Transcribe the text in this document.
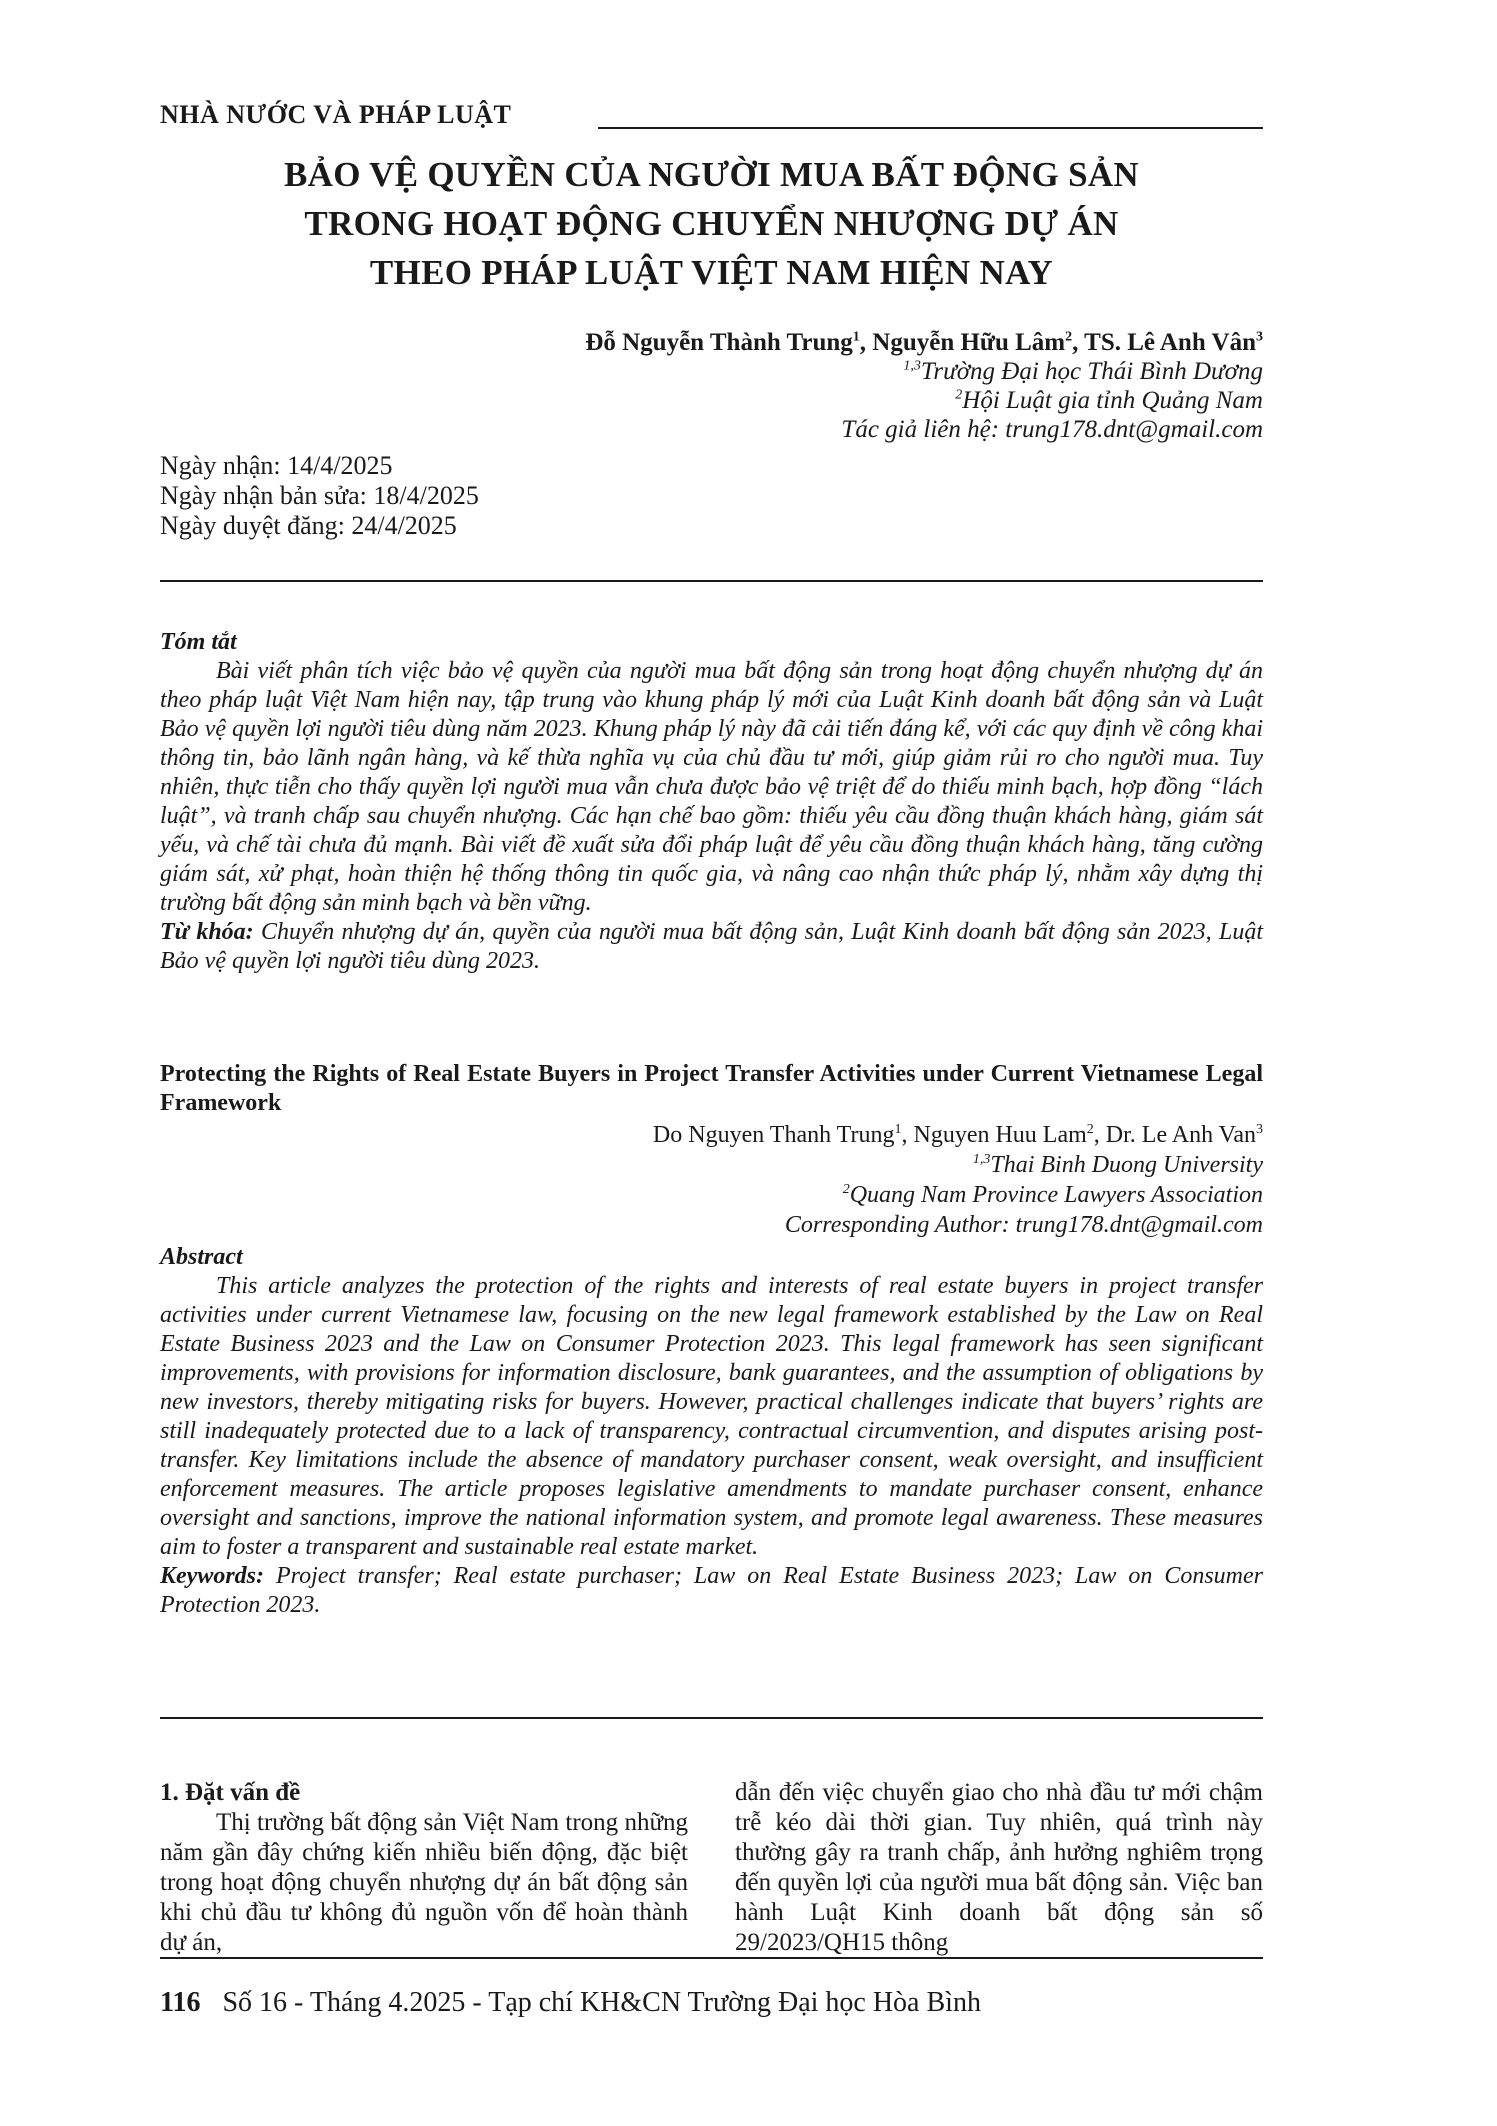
NHÀ NƯỚC VÀ PHÁP LUẬT
BẢO VỆ QUYỀN CỦA NGƯỜI MUA BẤT ĐỘNG SẢN
TRONG HOẠT ĐỘNG CHUYỂN NHƯỢNG DỰ ÁN
THEO PHÁP LUẬT VIỆT NAM HIỆN NAY
Đỗ Nguyễn Thành Trung$^1$, Nguyễn Hữu Lâm$^2$, TS. Lê Anh Vân$^3$
$^{1,3}$Trường Đại học Thái Bình Dương
$^2$Hội Luật gia tỉnh Quảng Nam
Tác giả liên hệ: trung178.dnt@gmail.com
Ngày nhận: 14/4/2025
Ngày nhận bản sửa: 18/4/2025
Ngày duyệt đăng: 24/4/2025
Tóm tắt
Bài viết phân tích việc bảo vệ quyền của người mua bất động sản trong hoạt động chuyển nhượng dự án theo pháp luật Việt Nam hiện nay, tập trung vào khung pháp lý mới của Luật Kinh doanh bất động sản và Luật Bảo vệ quyền lợi người tiêu dùng năm 2023. Khung pháp lý này đã cải tiến đáng kể, với các quy định về công khai thông tin, bảo lãnh ngân hàng, và kế thừa nghĩa vụ của chủ đầu tư mới, giúp giảm rủi ro cho người mua. Tuy nhiên, thực tiễn cho thấy quyền lợi người mua vẫn chưa được bảo vệ triệt để do thiếu minh bạch, hợp đồng “lách luật”, và tranh chấp sau chuyển nhượng. Các hạn chế bao gồm: thiếu yêu cầu đồng thuận khách hàng, giám sát yếu, và chế tài chưa đủ mạnh. Bài viết đề xuất sửa đổi pháp luật để yêu cầu đồng thuận khách hàng, tăng cường giám sát, xử phạt, hoàn thiện hệ thống thông tin quốc gia, và nâng cao nhận thức pháp lý, nhằm xây dựng thị trường bất động sản minh bạch và bền vững.
Từ khóa: Chuyển nhượng dự án, quyền của người mua bất động sản, Luật Kinh doanh bất động sản 2023, Luật Bảo vệ quyền lợi người tiêu dùng 2023.
Protecting the Rights of Real Estate Buyers in Project Transfer Activities under Current Vietnamese Legal Framework
Do Nguyen Thanh Trung$^1$, Nguyen Huu Lam$^2$, Dr. Le Anh Van$^3$
$^{1,3}$Thai Binh Duong University
$^2$Quang Nam Province Lawyers Association
Corresponding Author: trung178.dnt@gmail.com
Abstract
This article analyzes the protection of the rights and interests of real estate buyers in project transfer activities under current Vietnamese law, focusing on the new legal framework established by the Law on Real Estate Business 2023 and the Law on Consumer Protection 2023. This legal framework has seen significant improvements, with provisions for information disclosure, bank guarantees, and the assumption of obligations by new investors, thereby mitigating risks for buyers. However, practical challenges indicate that buyers’ rights are still inadequately protected due to a lack of transparency, contractual circumvention, and disputes arising post-transfer. Key limitations include the absence of mandatory purchaser consent, weak oversight, and insufficient enforcement measures. The article proposes legislative amendments to mandate purchaser consent, enhance oversight and sanctions, improve the national information system, and promote legal awareness. These measures aim to foster a transparent and sustainable real estate market.
Keywords: Project transfer; Real estate purchaser; Law on Real Estate Business 2023; Law on Consumer Protection 2023.
1. Đặt vấn đề
Thị trường bất động sản Việt Nam trong những năm gần đây chứng kiến nhiều biến động, đặc biệt trong hoạt động chuyển nhượng dự án bất động sản khi chủ đầu tư không đủ nguồn vốn để hoàn thành dự án,
dẫn đến việc chuyển giao cho nhà đầu tư mới chậm trễ kéo dài thời gian. Tuy nhiên, quá trình này thường gây ra tranh chấp, ảnh hưởng nghiêm trọng đến quyền lợi của người mua bất động sản. Việc ban hành Luật Kinh doanh bất động sản số 29/2023/QH15 thông
116 Số 16 - Tháng 4.2025 - Tạp chí KH&CN Trường Đại học Hòa Bình
